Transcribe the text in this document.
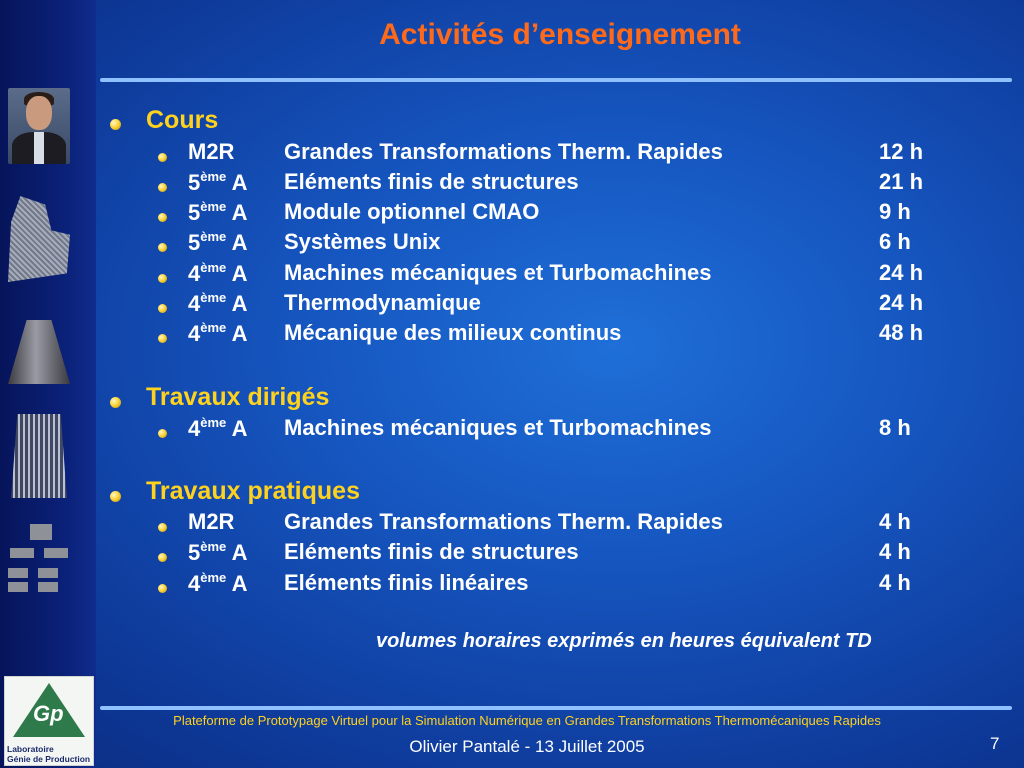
Gp
Laboratoire
Génie de Production
Activités d’enseignement
Cours
M2R Grandes Transformations Therm. Rapides	12 h
5ème A Eléments finis de structures	21 h
5ème A Module optionnel CMAO	9 h
5ème A Systèmes Unix	6 h
4ème A Machines mécaniques et Turbomachines	24 h
4ème A Thermodynamique	24 h
4ème A Mécanique des milieux continus	48 h
Travaux dirigés
4ème A Machines mécaniques et Turbomachines	8 h
Travaux pratiques
M2R Grandes Transformations Therm. Rapides	4 h
5ème A Eléments finis de structures	4 h
4ème A Eléments finis linéaires	4 h
volumes horaires exprimés en heures équivalent TD
Plateforme de Prototypage Virtuel pour la Simulation Numérique en Grandes Transformations Thermomécaniques Rapides
Olivier Pantalé - 13 Juillet 2005	7
